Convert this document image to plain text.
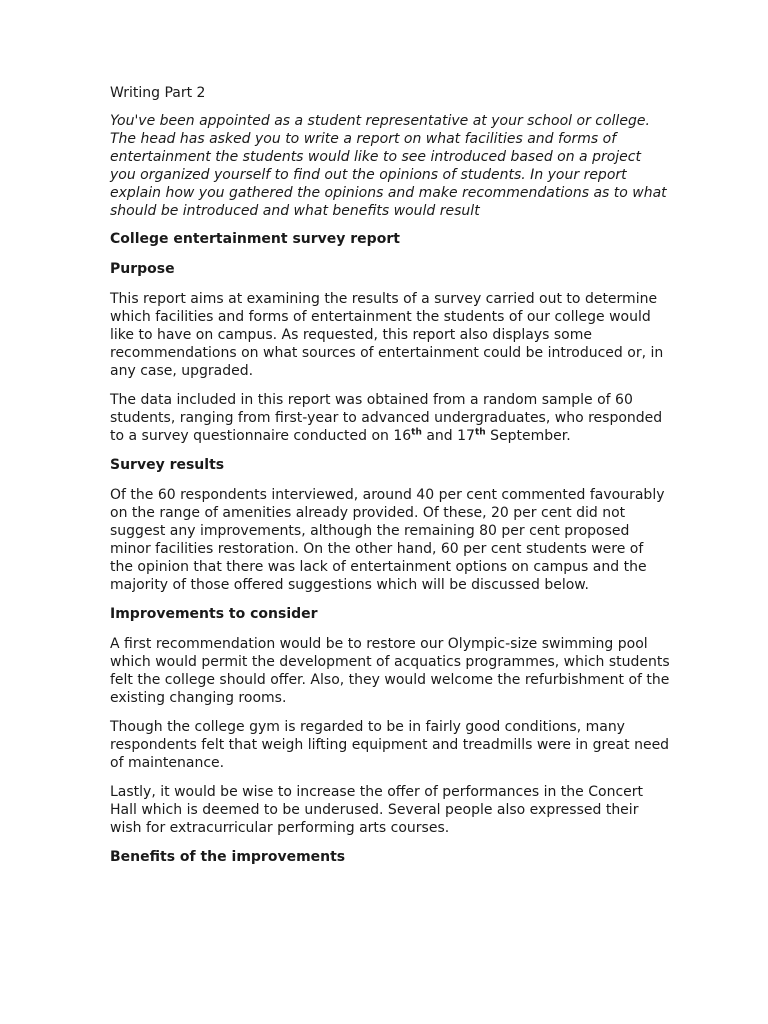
Writing Part 2

You've been appointed as a student representative at your school or college. The head has asked you to write a report on what facilities and forms of entertainment the students would like to see introduced based on a project you organized yourself to find out the opinions of students. In your report explain how you gathered the opinions and make recommendations as to what should be introduced and what benefits would result

College entertainment survey report
Purpose

This report aims at examining the results of a survey carried out to determine which facilities and forms of entertainment the students of our college would like to have on campus. As requested, this report also displays some recommendations on what sources of entertainment could be introduced or, in any case, upgraded.

The data included in this report was obtained from a random sample of 60 students, ranging from first-year to advanced undergraduates, who responded to a survey questionnaire conducted on 16th and 17th September.

Survey results

Of the 60 respondents interviewed, around 40 per cent commented favourably on the range of amenities already provided. Of these, 20 per cent did not suggest any improvements, although the remaining 80 per cent proposed minor facilities restoration. On the other hand, 60 per cent students were of the opinion that there was lack of entertainment options on campus and the majority of those offered suggestions which will be discussed below.

Improvements to consider

A first recommendation would be to restore our Olympic-size swimming pool which would permit the development of acquatics programmes, which students felt the college should offer. Also, they would welcome the refurbishment of the existing changing rooms.

Though the college gym is regarded to be in fairly good conditions, many respondents felt that weigh lifting equipment and treadmills were in great need of maintenance.

Lastly, it would be wise to increase the offer of performances in the Concert Hall which is deemed to be underused. Several people also expressed their wish for extracurricular performing arts courses.

Benefits of the improvements
